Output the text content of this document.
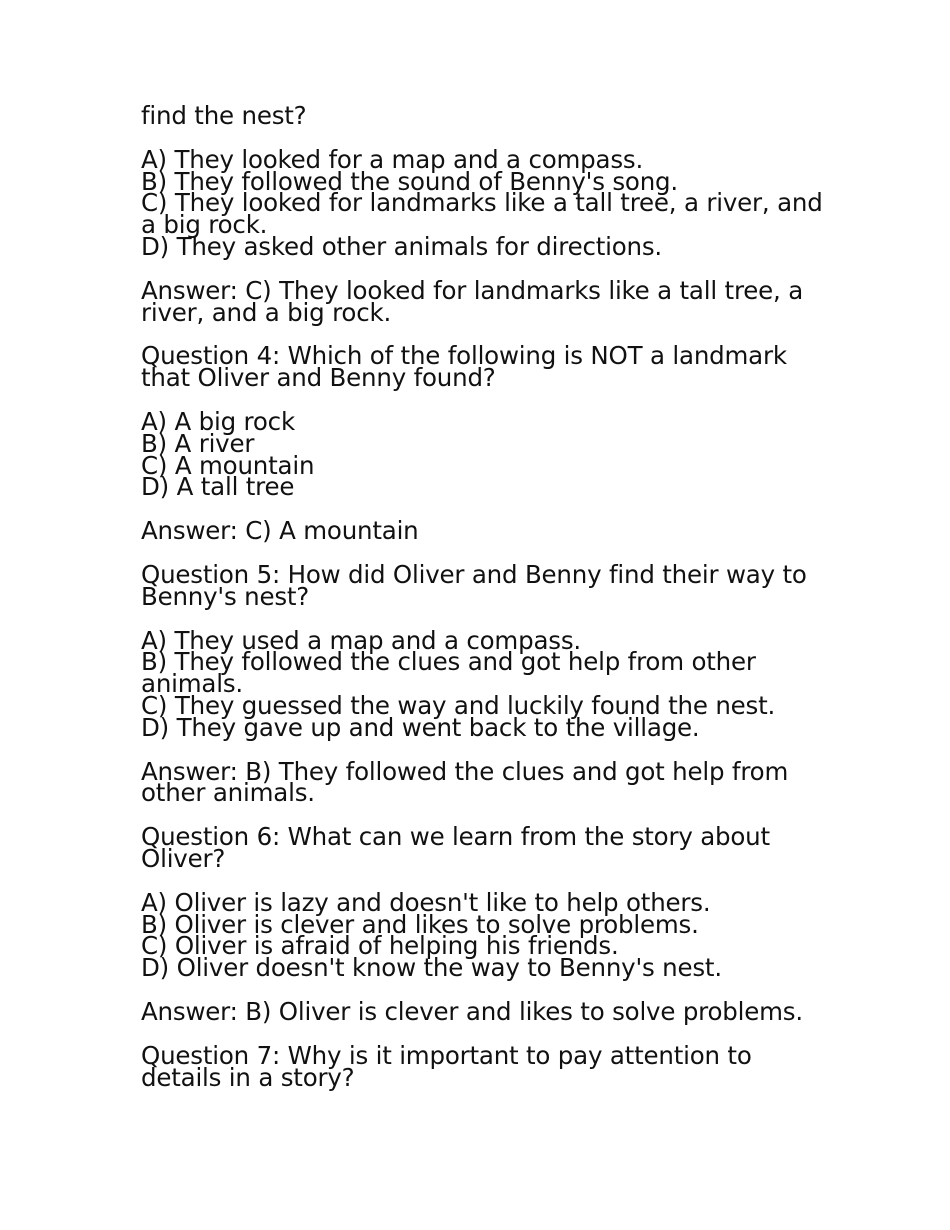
find the nest?
A) They looked for a map and a compass.
B) They followed the sound of Benny's song.
C) They looked for landmarks like a tall tree, a river, and
a big rock.
D) They asked other animals for directions.
Answer: C) They looked for landmarks like a tall tree, a
river, and a big rock.
Question 4: Which of the following is NOT a landmark
that Oliver and Benny found?
A) A big rock
B) A river
C) A mountain
D) A tall tree
Answer: C) A mountain
Question 5: How did Oliver and Benny find their way to
Benny's nest?
A) They used a map and a compass.
B) They followed the clues and got help from other
animals.
C) They guessed the way and luckily found the nest.
D) They gave up and went back to the village.
Answer: B) They followed the clues and got help from
other animals.
Question 6: What can we learn from the story about
Oliver?
A) Oliver is lazy and doesn't like to help others.
B) Oliver is clever and likes to solve problems.
C) Oliver is afraid of helping his friends.
D) Oliver doesn't know the way to Benny's nest.
Answer: B) Oliver is clever and likes to solve problems.
Question 7: Why is it important to pay attention to
details in a story?
